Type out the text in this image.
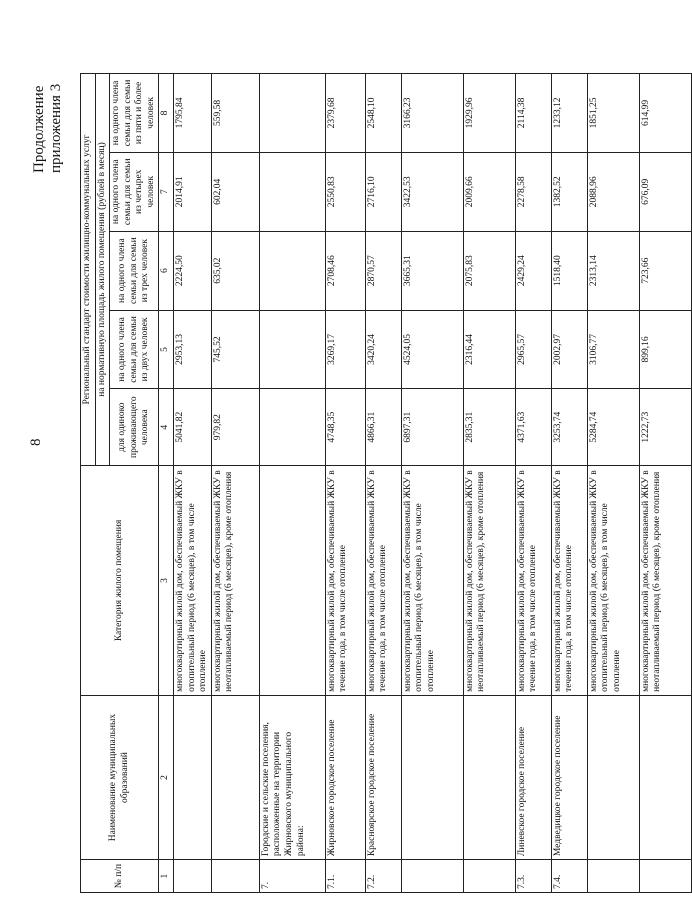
8
Продолжение приложения 3
№ п/п	Наименование муниципальных образований	Категория жилого помещения	Региональный стандарт стоимости жилищно-коммунальных услуг				
			на нормативную площадь жилого помещения (рублей в месяц)				
			для одиноко проживающего человека	на одного члена семьи для семьи из двух человек	на одного члена семьи для семьи из трех человек	на одного члена семьи для семьи из четырех человек	на одного члена семьи для семьи из пяти и более человек
1	2	3	4	5	6	7	8
		многоквартирный жилой дом, обеспечиваемый ЖКУ в отопительный период (6 месяцев), в том числе отопление	5041,82	2953,13	2224,50	2014,91	1795,84
		многоквартирный жилой дом, обеспечиваемый ЖКУ в неотапливаемый период (6 месяцев), кроме отопления	979,82	745,52	635,02	602,04	559,58
7.	Городские и сельские поселения, расположенные на территории Жирновского муниципального района:						
7.1.	Жирновское городское поселение	многоквартирный жилой дом, обеспечиваемый ЖКУ в течение года, в том числе отопление	4748,35	3269,17	2708,46	2550,83	2379,68
7.2.	Красноярское городское поселение	многоквартирный жилой дом, обеспечиваемый ЖКУ в течение года, в том числе отопление	4866,31	3420,24	2870,57	2716,10	2548,10
		многоквартирный жилой дом, обеспечиваемый ЖКУ в отопительный период (6 месяцев), в том числе отопление	6897,31	4524,05	3665,31	3422,53	3166,23
		многоквартирный жилой дом, обеспечиваемый ЖКУ в неотапливаемый период (6 месяцев), кроме отопления	2835,31	2316,44	2075,83	2009,66	1929,96
7.3.	Линевское городское поселение	многоквартирный жилой дом, обеспечиваемый ЖКУ в течение года, в том числе отопление	4371,63	2965,57	2429,24	2278,58	2114,38
7.4.	Медведицкое городское поселение	многоквартирный жилой дом, обеспечиваемый ЖКУ в течение года, в том числе отопление	3253,74	2002,97	1518,40	1382,52	1233,12
		многоквартирный жилой дом, обеспечиваемый ЖКУ в отопительный период (6 месяцев), в том числе отопление	5284,74	3106,77	2313,14	2088,96	1851,25
		многоквартирный жилой дом, обеспечиваемый ЖКУ в неотапливаемый период (6 месяцев), кроме отопления	1222,73	899,16	723,66	676,09	614,99
